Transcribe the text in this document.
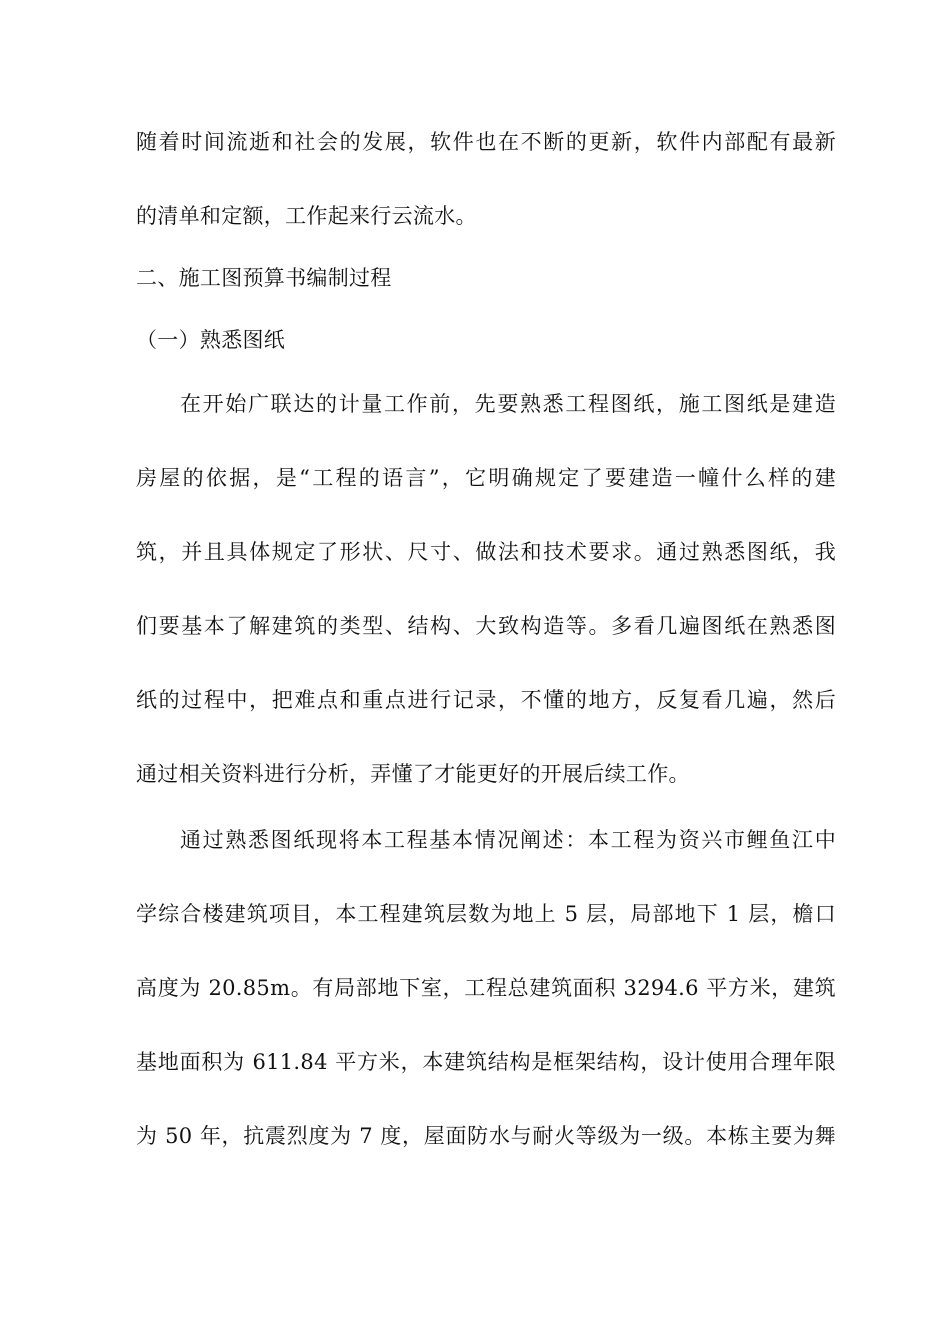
随着时间流逝和社会的发展，软件也在不断的更新，软件内部配有最新
的清单和定额，工作起来行云流水。
二、施工图预算书编制过程
（一）熟悉图纸
在开始广联达的计量工作前，先要熟悉工程图纸，施工图纸是建造
房屋的依据，是“工程的语言”，它明确规定了要建造一幢什么样的建
筑，并且具体规定了形状、尺寸、做法和技术要求。通过熟悉图纸，我
们要基本了解建筑的类型、结构、大致构造等。多看几遍图纸在熟悉图
纸的过程中，把难点和重点进行记录，不懂的地方，反复看几遍，然后
通过相关资料进行分析，弄懂了才能更好的开展后续工作。
通过熟悉图纸现将本工程基本情况阐述：本工程为资兴市鲤鱼江中
学综合楼建筑项目，本工程建筑层数为地上 5 层，局部地下 1 层，檐口
高度为 20.85m。有局部地下室，工程总建筑面积 3294.6 平方米，建筑
基地面积为 611.84 平方米，本建筑结构是框架结构，设计使用合理年限
为 50 年，抗震烈度为 7 度，屋面防水与耐火等级为一级。本栋主要为舞
